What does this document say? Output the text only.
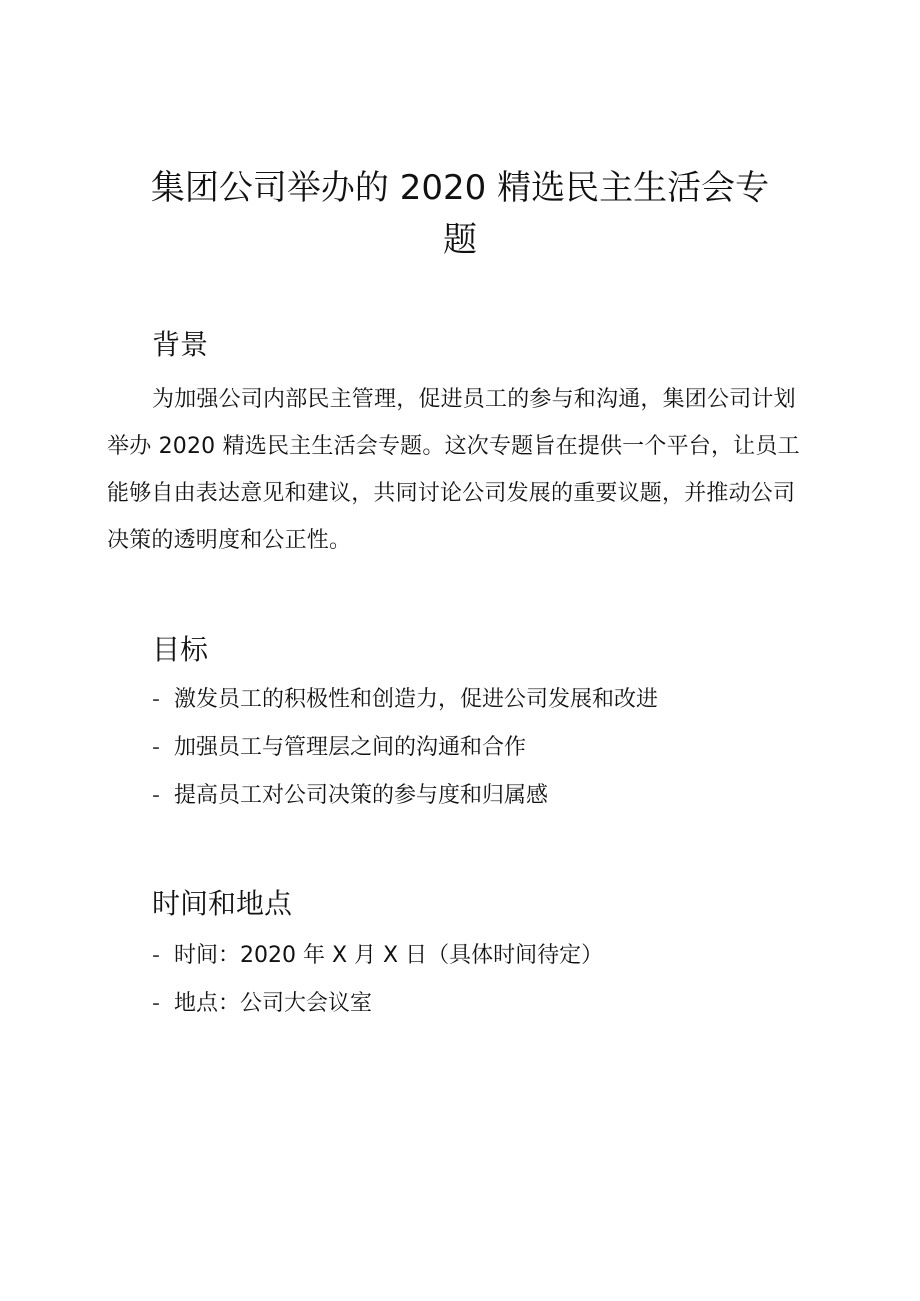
集团公司举办的 2020 精选民主生活会专
题
背景

为加强公司内部民主管理，促进员工的参与和沟通，集团公司计划举办 2020 精选民主生活会专题。这次专题旨在提供一个平台，让员工能够自由表达意见和建议，共同讨论公司发展的重要议题，并推动公司决策的透明度和公正性。

目标
- 激发员工的积极性和创造力，促进公司发展和改进
- 加强员工与管理层之间的沟通和合作
- 提高员工对公司决策的参与度和归属感
时间和地点
- 时间：2020 年 X 月 X 日（具体时间待定）
- 地点：公司大会议室
